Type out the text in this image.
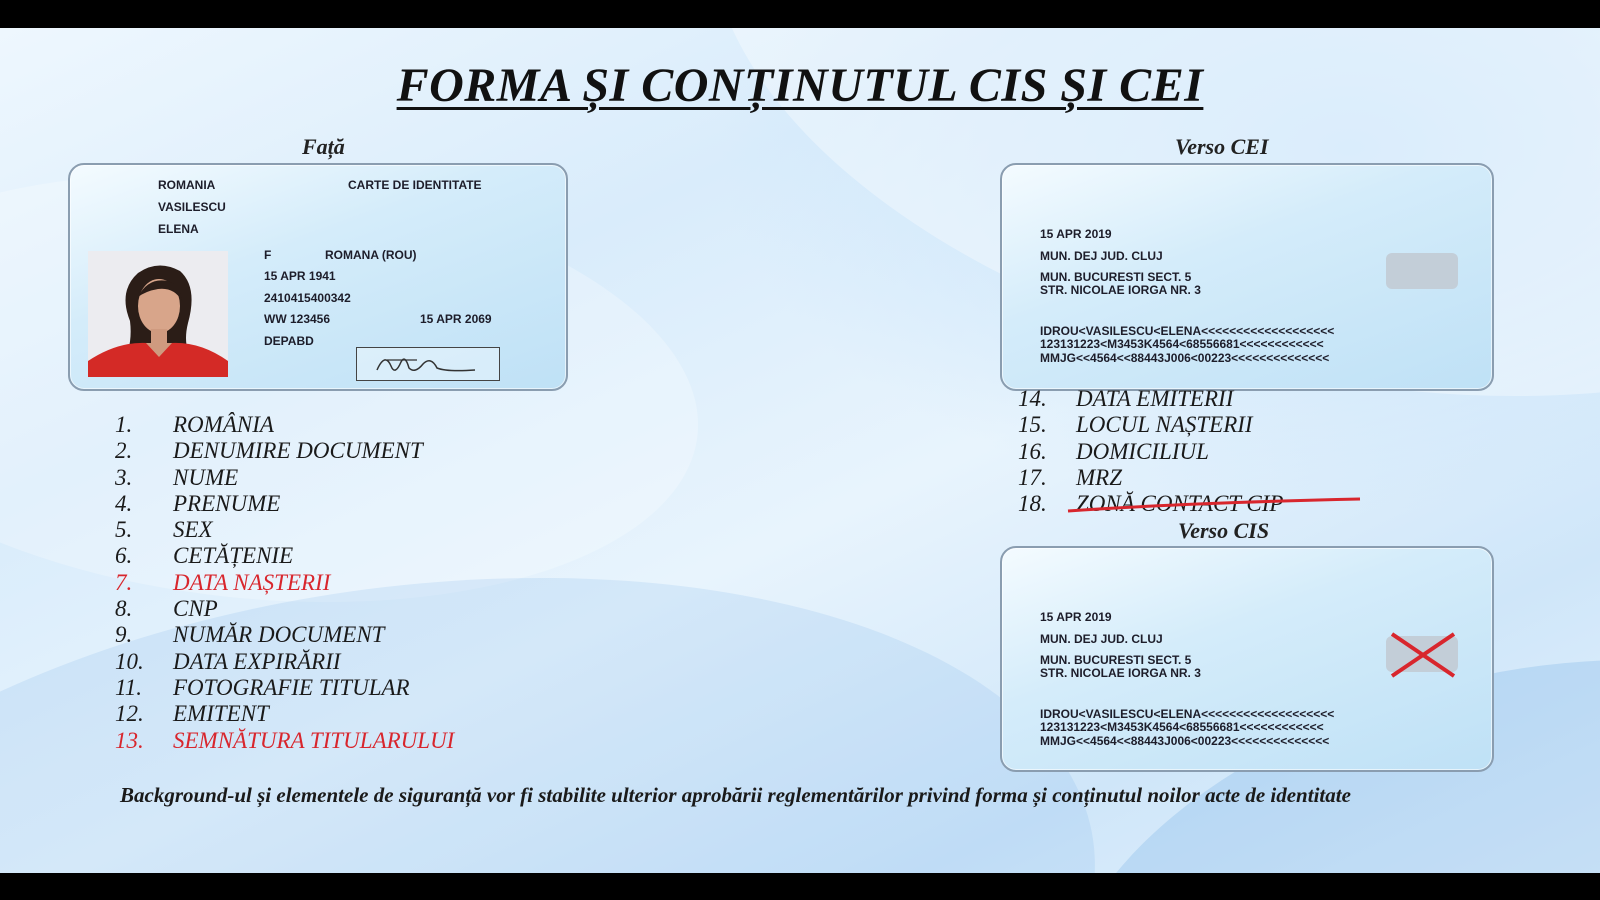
FORMA ȘI CONȚINUTUL CIS ȘI CEI
Față	Verso CEI
ROMANIA	CARTE DE IDENTITATE
VASILESCU
ELENA
F	ROMANA (ROU)
15 APR 1941
2410415400342
WW 123456	15 APR 2069
DEPABD
15 APR 2019
MUN. DEJ JUD. CLUJ
MUN. BUCURESTI SECT. 5
STR. NICOLAE IORGA NR. 3
IDROU<VASILESCU<ELENA<<<<<<<<<<<<<<<<<<<
123131223<M3453K4564<68556681<<<<<<<<<<<<
MMJG<<4564<<88443J006<00223<<<<<<<<<<<<<<
1. ROMÂNIA
2. DENUMIRE DOCUMENT
3. NUME
4. PRENUME
5. SEX
6. CETĂȚENIE
7. DATA NAȘTERII
8. CNP
9. NUMĂR DOCUMENT
10. DATA EXPIRĂRII
11. FOTOGRAFIE TITULAR
12. EMITENT
13. SEMNĂTURA TITULARULUI
14. DATA EMITERII
15. LOCUL NAȘTERII
16. DOMICILIUL
17. MRZ
18. ZONĂ CONTACT CIP
Verso CIS
15 APR 2019
MUN. DEJ JUD. CLUJ
MUN. BUCURESTI SECT. 5
STR. NICOLAE IORGA NR. 3
IDROU<VASILESCU<ELENA<<<<<<<<<<<<<<<<<<<
123131223<M3453K4564<68556681<<<<<<<<<<<<
MMJG<<4564<<88443J006<00223<<<<<<<<<<<<<<

Background-ul și elementele de siguranță vor fi stabilite ulterior aprobării reglementărilor privind forma și conținutul noilor acte de identitate
